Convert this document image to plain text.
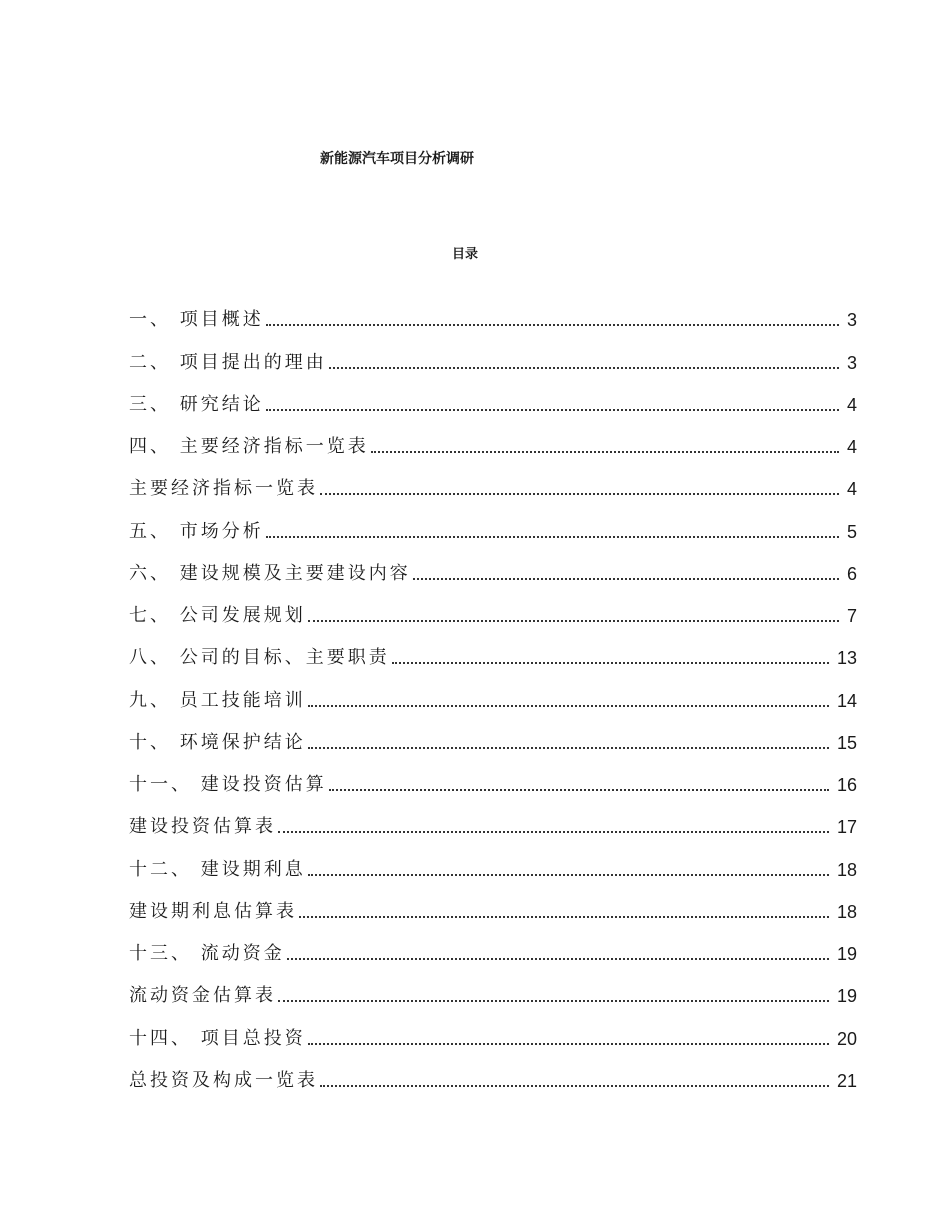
新能源汽车项目分析调研
目录
一、 项目概述	3
二、 项目提出的理由	3
三、 研究结论	4
四、 主要经济指标一览表	4
主要经济指标一览表	4
五、 市场分析	5
六、 建设规模及主要建设内容	6
七、 公司发展规划	7
八、 公司的目标、主要职责	13
九、 员工技能培训	14
十、 环境保护结论	15
十一、 建设投资估算	16
建设投资估算表	17
十二、 建设期利息	18
建设期利息估算表	18
十三、 流动资金	19
流动资金估算表	19
十四、 项目总投资	20
总投资及构成一览表	21
